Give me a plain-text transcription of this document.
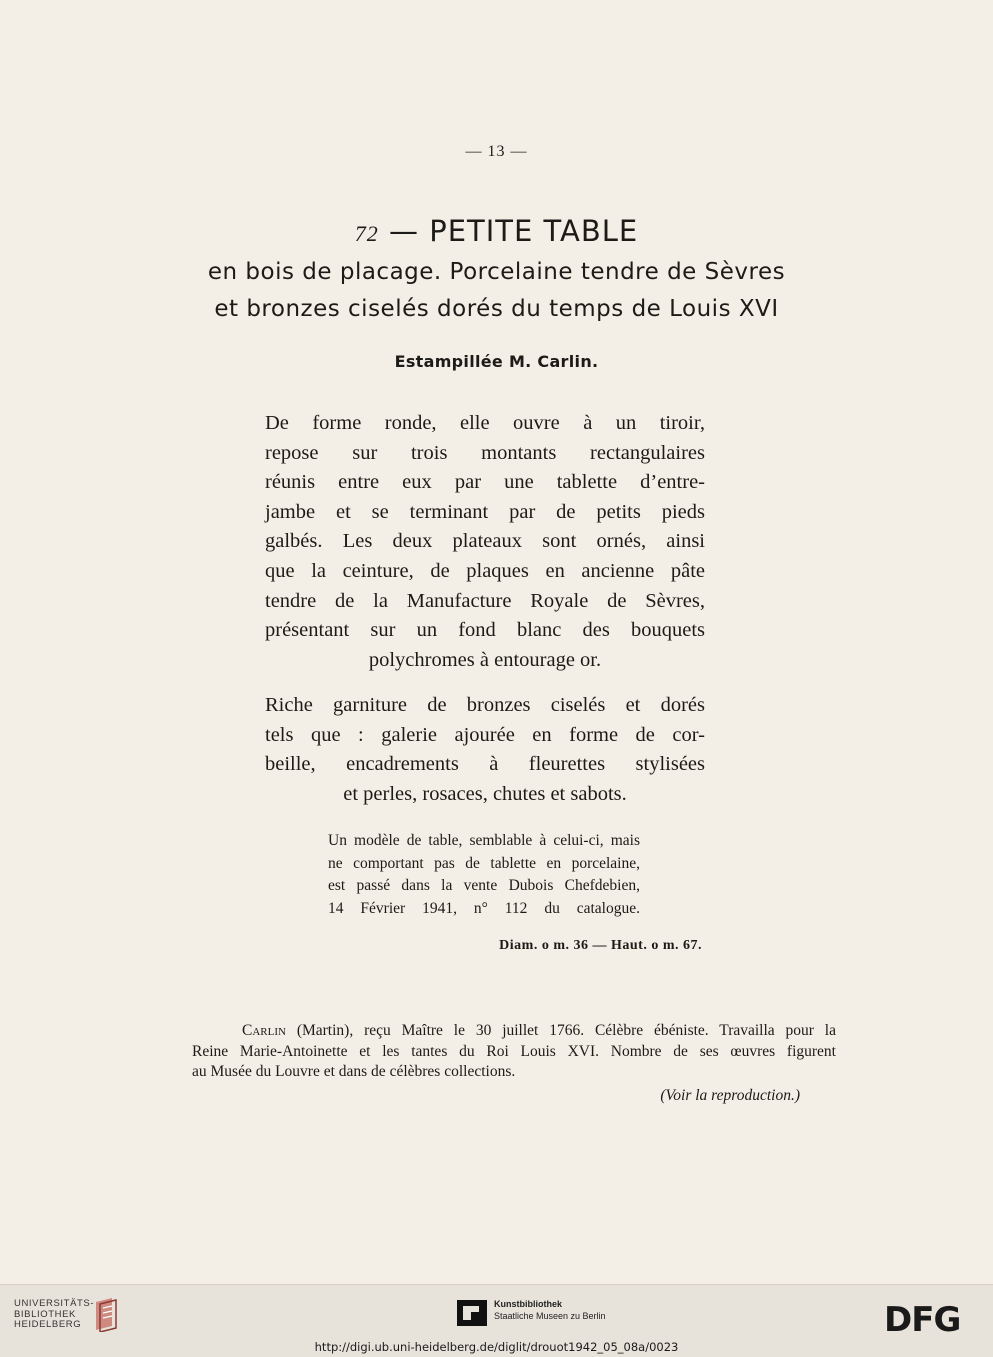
— 13 —
72 — PETITE TABLE
en bois de placage. Porcelaine tendre de Sèvres
et bronzes ciselés dorés du temps de Louis XVI
Estampillée M. Carlin.
De forme ronde, elle ouvre à un tiroir,
repose sur trois montants rectangulaires
réunis entre eux par une tablette d’entre-
jambe et se terminant par de petits pieds
galbés. Les deux plateaux sont ornés, ainsi
que la ceinture, de plaques en ancienne pâte
tendre de la Manufacture Royale de Sèvres,
présentant sur un fond blanc des bouquets
polychromes à entourage or.
Riche garniture de bronzes ciselés et dorés
tels que : galerie ajourée en forme de cor-
beille, encadrements à fleurettes stylisées
et perles, rosaces, chutes et sabots.
Un modèle de table, semblable à celui-ci, mais
ne comportant pas de tablette en porcelaine,
est passé dans la vente Dubois Chefdebien,
14 Février 1941, n° 112 du catalogue.
Diam. o m. 36 — Haut. o m. 67.
Carlin (Martin), reçu Maître le 30 juillet 1766. Célèbre ébéniste. Travailla pour la
Reine Marie-Antoinette et les tantes du Roi Louis XVI. Nombre de ses œuvres figurent
au Musée du Louvre et dans de célèbres collections.
(Voir la reproduction.)
UNIVERSITÄTS-
BIBLIOTHEK
HEIDELBERG
Kunstbibliothek
Staatliche Museen zu Berlin	DFG
http://digi.ub.uni-heidelberg.de/diglit/drouot1942_05_08a/0023
